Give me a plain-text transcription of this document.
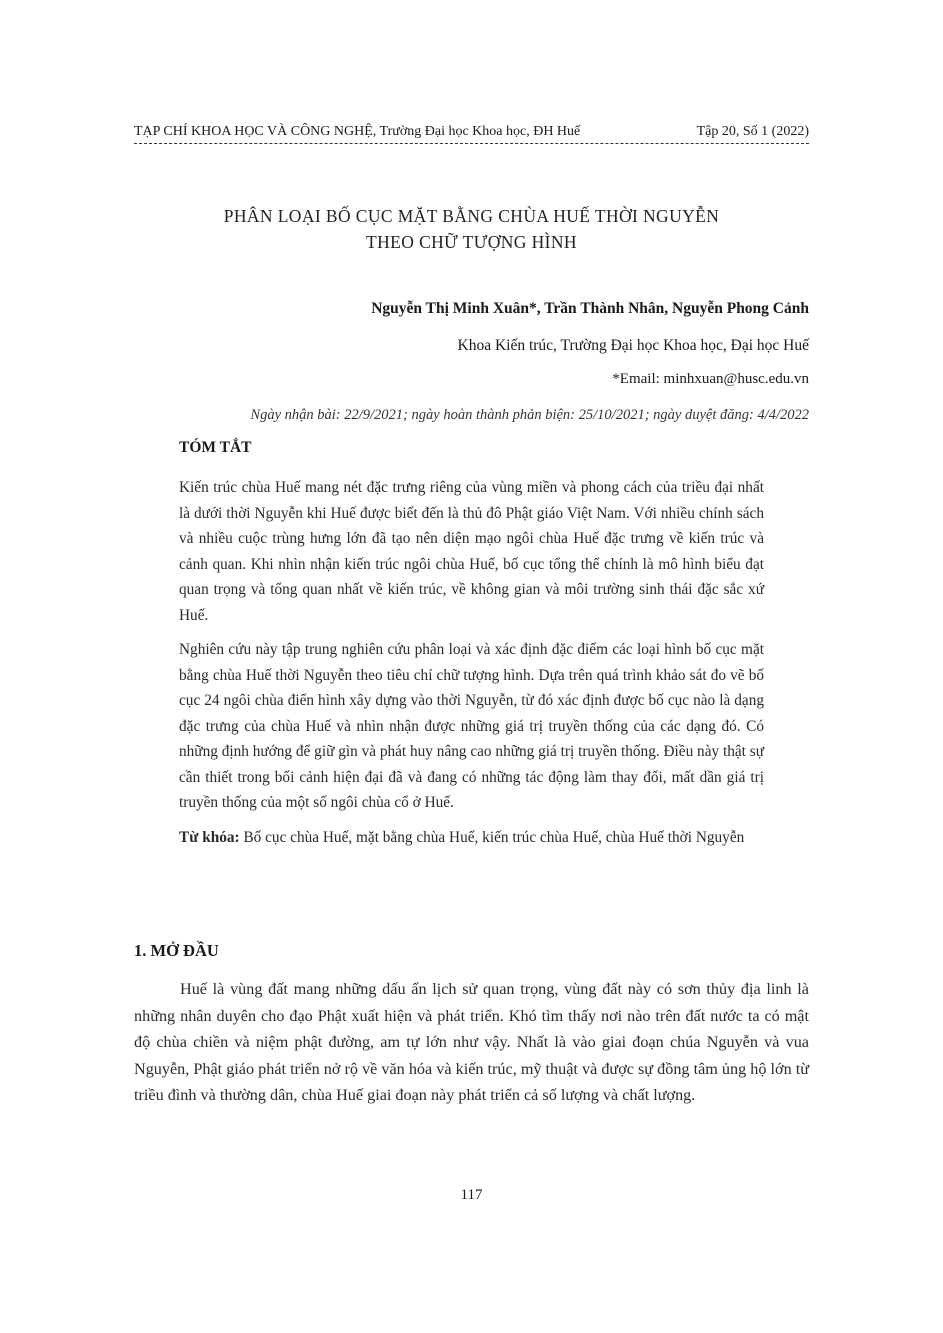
TẠP CHÍ KHOA HỌC VÀ CÔNG NGHỆ, Trường Đại học Khoa học, ĐH Huế	Tập 20, Số 1 (2022)
PHÂN LOẠI BỐ CỤC MẶT BẰNG CHÙA HUẾ THỜI NGUYỄN
THEO CHỮ TƯỢNG HÌNH
Nguyễn Thị Minh Xuân*, Trần Thành Nhân, Nguyễn Phong Cảnh
Khoa Kiến trúc, Trường Đại học Khoa học, Đại học Huế
*Email: minhxuan@husc.edu.vn
Ngày nhận bài: 22/9/2021; ngày hoàn thành phản biện: 25/10/2021; ngày duyệt đăng: 4/4/2022
TÓM TẮT

Kiến trúc chùa Huế mang nét đặc trưng riêng của vùng miền và phong cách của triều đại nhất là dưới thời Nguyễn khi Huế được biết đến là thủ đô Phật giáo Việt Nam. Với nhiều chính sách và nhiều cuộc trùng hưng lớn đã tạo nên diện mạo ngôi chùa Huế đặc trưng về kiến trúc và cảnh quan. Khi nhìn nhận kiến trúc ngôi chùa Huế, bố cục tổng thể chính là mô hình biểu đạt quan trọng và tổng quan nhất về kiến trúc, về không gian và môi trường sinh thái đặc sắc xứ Huế.

Nghiên cứu này tập trung nghiên cứu phân loại và xác định đặc điểm các loại hình bố cục mặt bằng chùa Huế thời Nguyễn theo tiêu chí chữ tượng hình. Dựa trên quá trình khảo sát đo vẽ bố cục 24 ngôi chùa điển hình xây dựng vào thời Nguyễn, từ đó xác định được bố cục nào là dạng đặc trưng của chùa Huế và nhìn nhận được những giá trị truyền thống của các dạng đó. Có những định hướng để giữ gìn và phát huy nâng cao những giá trị truyền thống. Điều này thật sự cần thiết trong bối cảnh hiện đại đã và đang có những tác động làm thay đổi, mất dần giá trị truyền thống của một số ngôi chùa cổ ở Huế.

Từ khóa: Bố cục chùa Huế, mặt bằng chùa Huế, kiến trúc chùa Huế, chùa Huế thời Nguyễn

1. MỞ ĐẦU

Huế là vùng đất mang những dấu ấn lịch sử quan trọng, vùng đất này có sơn thủy địa linh là những nhân duyên cho đạo Phật xuất hiện và phát triển. Khó tìm thấy nơi nào trên đất nước ta có mật độ chùa chiền và niệm phật đường, am tự lớn như vậy. Nhất là vào giai đoạn chúa Nguyễn và vua Nguyễn, Phật giáo phát triển nở rộ về văn hóa và kiến trúc, mỹ thuật và được sự đồng tâm ủng hộ lớn từ triều đình và thường dân, chùa Huế giai đoạn này phát triển cả số lượng và chất lượng.

117
